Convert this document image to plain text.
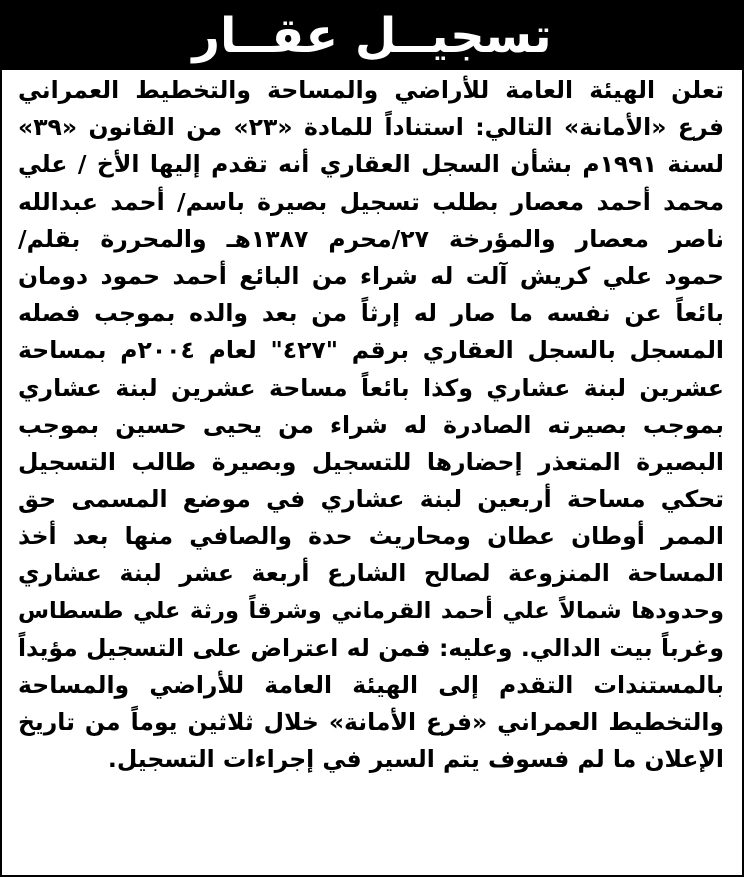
تسجيــل عقــار
تعلن الهيئة العامة للأراضي والمساحة والتخطيط العمراني
فرع «الأمانة» التالي: استناداً للمادة «٢٣» من القانون «٣٩»
لسنة ١٩٩١م بشأن السجل العقاري أنه تقدم إليها الأخ / علي
محمد أحمد معصار بطلب تسجيل بصيرة باسم/ أحمد عبدالله
ناصر معصار والمؤرخة ٢٧/محرم ١٣٨٧هـ والمحررة بقلم/
حمود علي كريش آلت له شراء من البائع أحمد حمود دومان
بائعاً عن نفسه ما صار له إرثاً من بعد والده بموجب فصله
المسجل بالسجل العقاري برقم "٤٢٧" لعام ٢٠٠٤م بمساحة
عشرين لبنة عشاري وكذا بائعاً مساحة عشرين لبنة عشاري
بموجب بصيرته الصادرة له شراء من يحيى حسين بموجب
البصيرة المتعذر إحضارها للتسجيل وبصيرة طالب التسجيل
تحكي مساحة أربعين لبنة عشاري في موضع المسمى حق
الممر أوطان عطان ومحاريث حدة والصافي منها بعد أخذ
المساحة المنزوعة لصالح الشارع أربعة عشر لبنة عشاري
وحدودها شمالاً علي أحمد القرماني وشرقاً ورثة علي طسطاس
وغرباً بيت الدالي. وعليه: فمن له اعتراض على التسجيل مؤيداً
بالمستندات التقدم إلى الهيئة العامة للأراضي والمساحة
والتخطيط العمراني «فرع الأمانة» خلال ثلاثين يوماً من تاريخ
الإعلان ما لم فسوف يتم السير في إجراءات التسجيل.
